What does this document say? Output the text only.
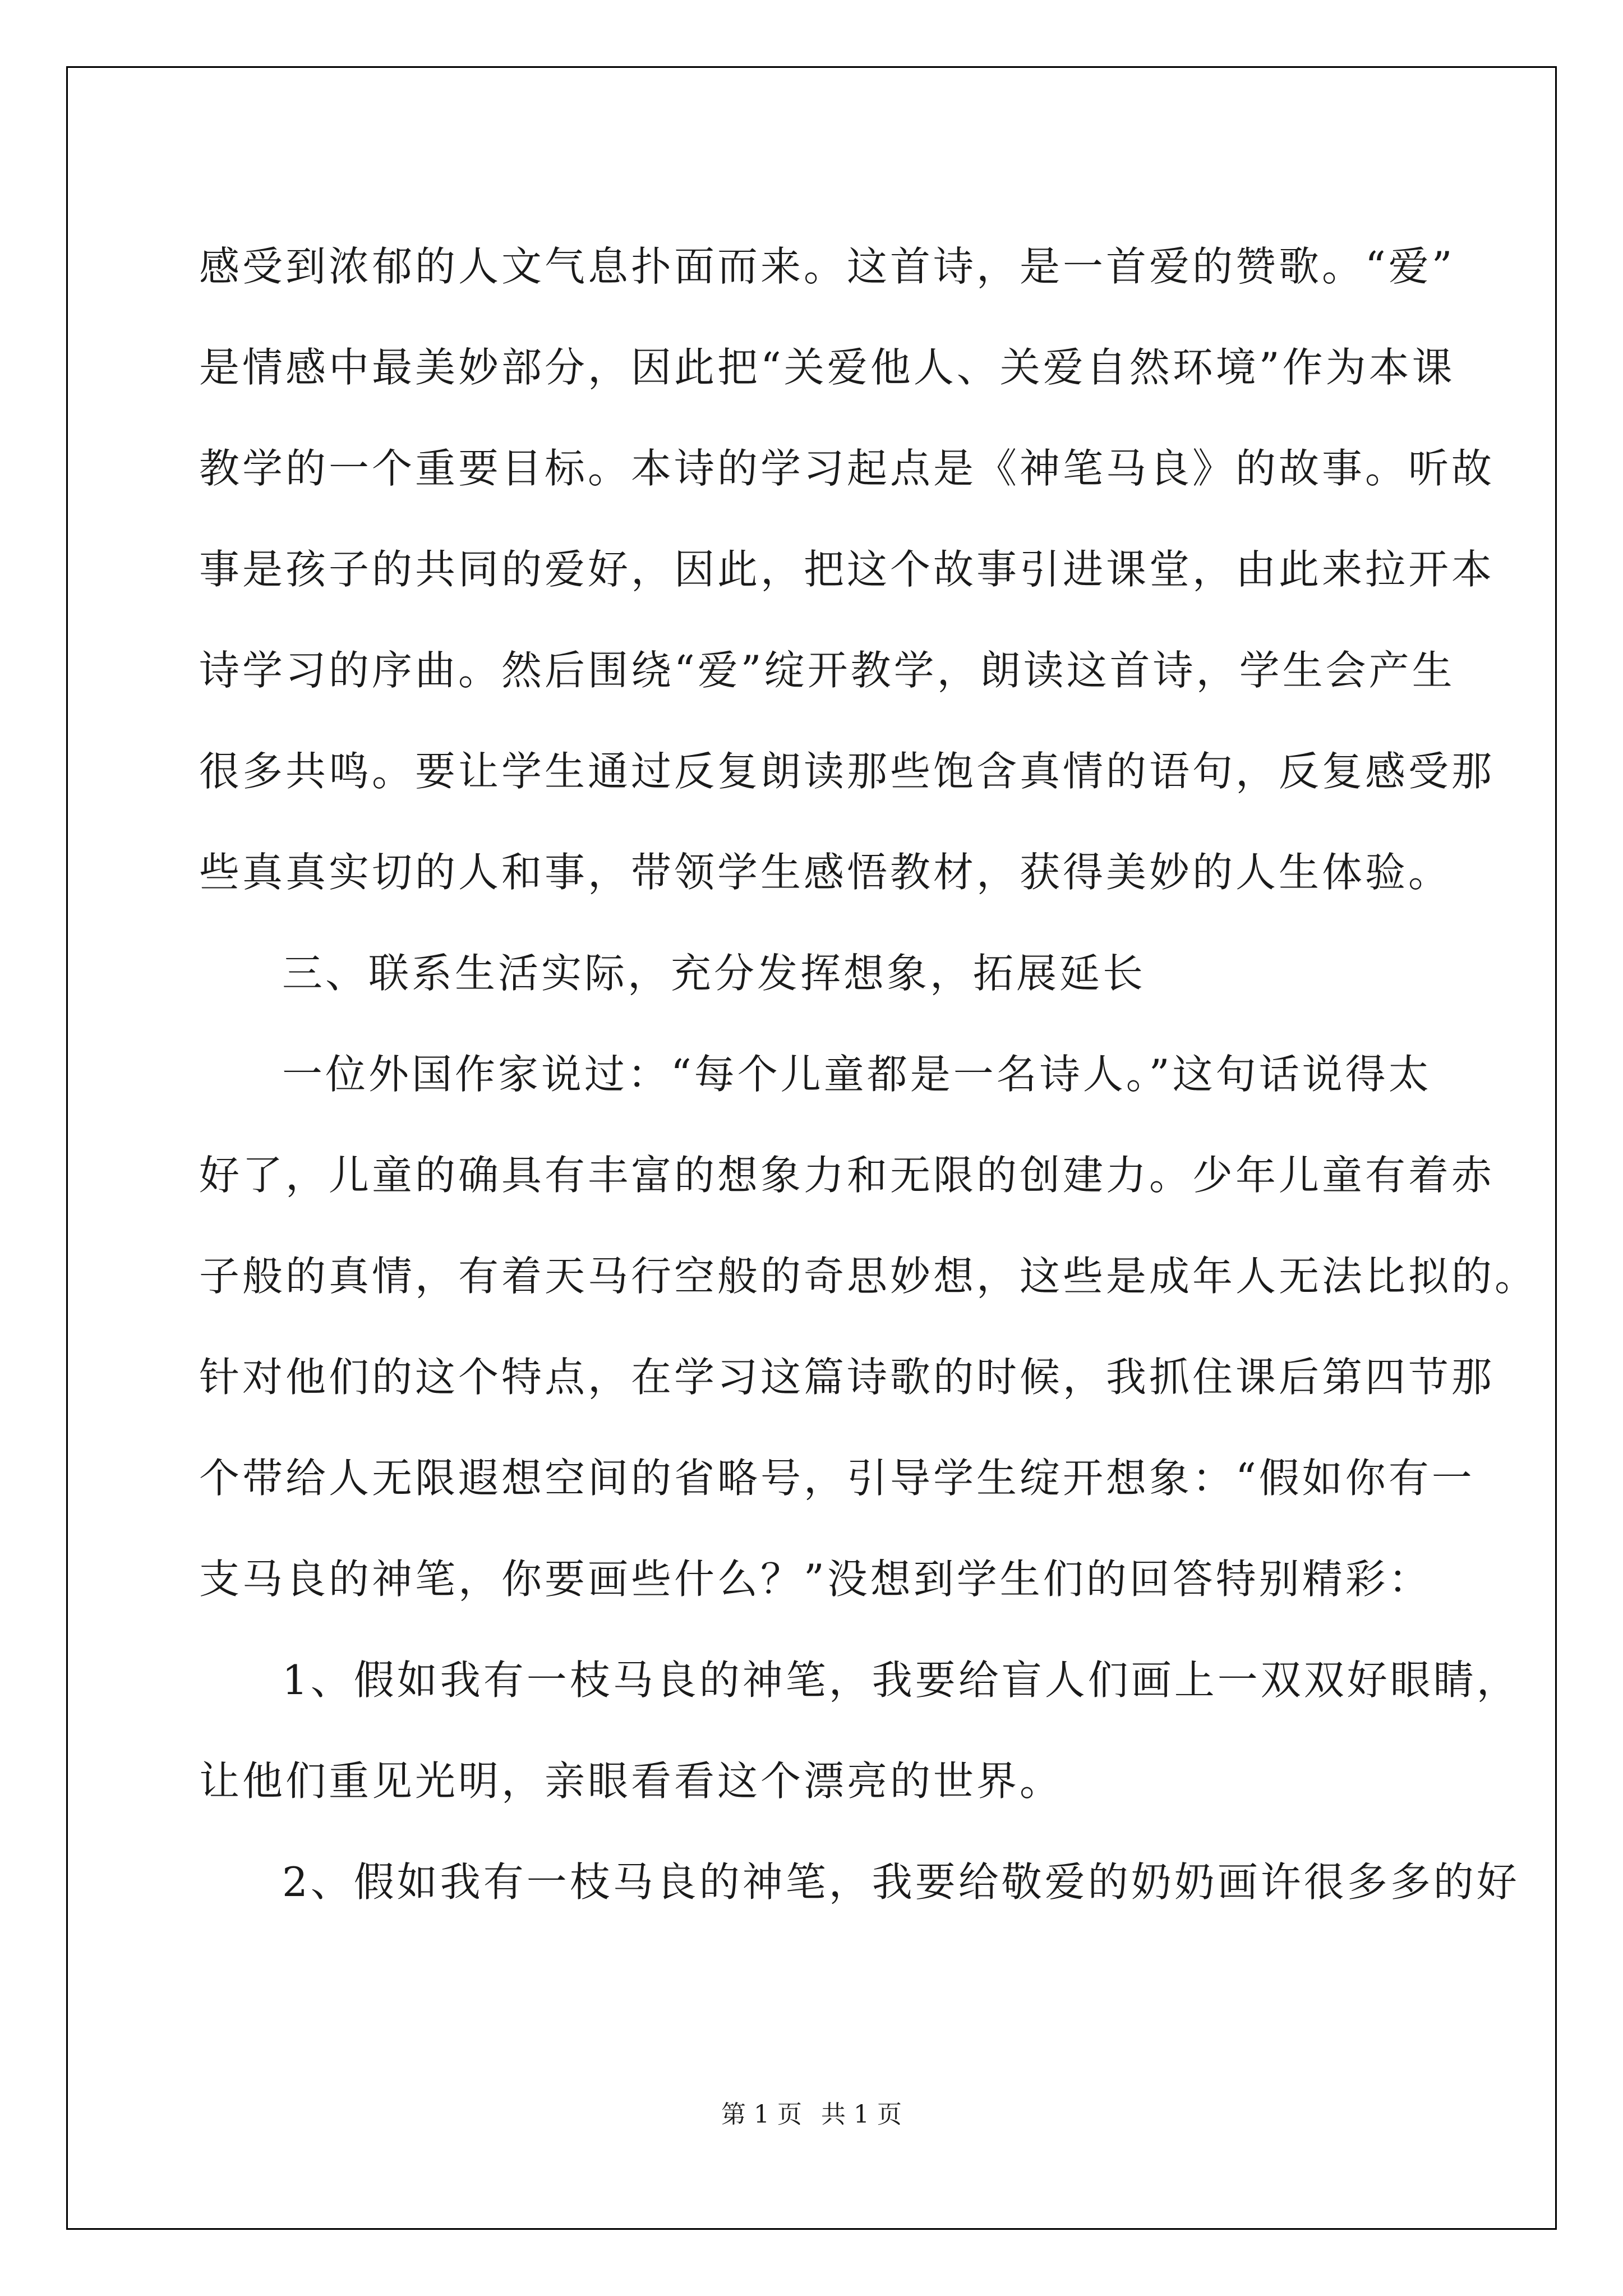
感受到浓郁的人文气息扑面而来。这首诗，是一首爱的赞歌。“爱”
是情感中最美妙部分，因此把“关爱他人、关爱自然环境”作为本课
教学的一个重要目标。本诗的学习起点是《神笔马良》的故事。听故
事是孩子的共同的爱好，因此，把这个故事引进课堂，由此来拉开本
诗学习的序曲。然后围绕“爱”绽开教学，朗读这首诗，学生会产生
很多共鸣。要让学生通过反复朗读那些饱含真情的语句，反复感受那
些真真实切的人和事，带领学生感悟教材，获得美妙的人生体验。
三、联系生活实际，充分发挥想象，拓展延长
一位外国作家说过：“每个儿童都是一名诗人。”这句话说得太
好了，儿童的确具有丰富的想象力和无限的创建力。少年儿童有着赤
子般的真情，有着天马行空般的奇思妙想，这些是成年人无法比拟的。
针对他们的这个特点，在学习这篇诗歌的时候，我抓住课后第四节那
个带给人无限遐想空间的省略号，引导学生绽开想象：“假如你有一
支马良的神笔，你要画些什么？”没想到学生们的回答特别精彩：
1、假如我有一枝马良的神笔，我要给盲人们画上一双双好眼睛，
让他们重见光明，亲眼看看这个漂亮的世界。
2、假如我有一枝马良的神笔，我要给敬爱的奶奶画许很多多的好
第 1 页 共 1 页
